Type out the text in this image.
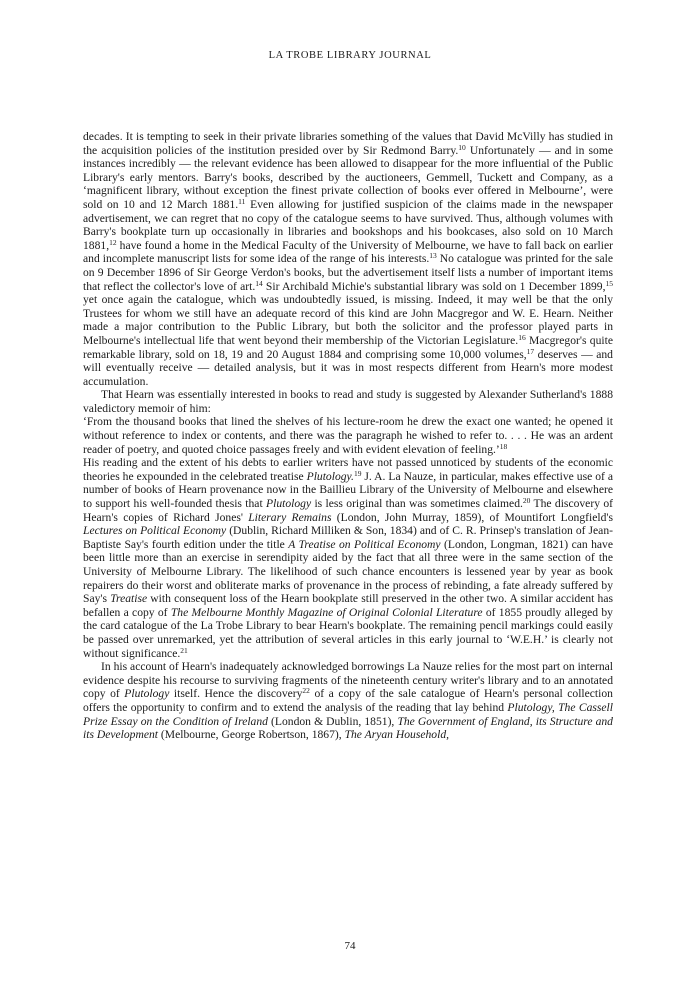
LA TROBE LIBRARY JOURNAL

decades. It is tempting to seek in their private libraries something of the values that David McVilly has studied in the acquisition policies of the institution presided over by Sir Redmond Barry.$^{10}$ Unfortunately — and in some instances incredibly — the relevant evidence has been allowed to disappear for the more influential of the Public Library's early mentors. Barry's books, described by the auctioneers, Gemmell, Tuckett and Company, as a ‘magnificent library, without exception the finest private collection of books ever offered in Melbourne’, were sold on 10 and 12 March 1881.11 Even allowing for justified suspicion of the claims made in the newspaper advertisement, we can regret that no copy of the catalogue seems to have survived. Thus, although volumes with Barry's bookplate turn up occasionally in libraries and bookshops and his bookcases, also sold on 10 March 1881,12 have found a home in the Medical Faculty of the University of Melbourne, we have to fall back on earlier and incomplete manuscript lists for some idea of the range of his interests.$^{13}$ No catalogue was printed for the sale on 9 December 1896 of Sir George Verdon's books, but the advertisement itself lists a number of important items that reflect the collector's love of art.$^{14}$ Sir Archibald Michie's substantial library was sold on 1 December 1899,15 yet once again the catalogue, which was undoubtedly issued, is missing. Indeed, it may well be that the only Trustees for whom we still have an adequate record of this kind are John Macgregor and W. E. Hearn. Neither made a major contribution to the Public Library, but both the solicitor and the professor played parts in Melbourne's intellectual life that went beyond their membership of the Victorian Legislature.$^{16}$ Macgregor's quite remarkable library, sold on 18, 19 and 20 August 1884 and comprising some 10,000 volumes,$^{17}$ deserves — and will eventually receive — detailed analysis, but it was in most respects different from Hearn's more modest accumulation.

That Hearn was essentially interested in books to read and study is suggested by Alexander Sutherland's 1888 valedictory memoir of him:

‘From the thousand books that lined the shelves of his lecture-room he drew the exact one wanted; he opened it without reference to index or contents, and there was the paragraph he wished to refer to. . . . He was an ardent reader of poetry, and quoted choice passages freely and with evident elevation of feeling.’$^{18}$

His reading and the extent of his debts to earlier writers have not passed unnoticed by students of the economic theories he expounded in the celebrated treatise Plutology.$^{19}$ J. A. La Nauze, in particular, makes effective use of a number of books of Hearn provenance now in the Baillieu Library of the University of Melbourne and elsewhere to support his well-founded thesis that Plutology is less original than was sometimes claimed.$^{20}$ The discovery of Hearn's copies of Richard Jones' Literary Remains (London, John Murray, 1859), of Mountifort Longfield's Lectures on Political Economy (Dublin, Richard Milliken & Son, 1834) and of C. R. Prinsep's translation of Jean-Baptiste Say's fourth edition under the title A Treatise on Political Economy (London, Longman, 1821) can have been little more than an exercise in serendipity aided by the fact that all three were in the same section of the University of Melbourne Library. The likelihood of such chance encounters is lessened year by year as book repairers do their worst and obliterate marks of provenance in the process of rebinding, a fate already suffered by Say's Treatise with consequent loss of the Hearn bookplate still preserved in the other two. A similar accident has befallen a copy of The Melbourne Monthly Magazine of Original Colonial Literature of 1855 proudly alleged by the card catalogue of the La Trobe Library to bear Hearn's bookplate. The remaining pencil markings could easily be passed over unremarked, yet the attribution of several articles in this early journal to ‘W.E.H.’ is clearly not without significance.$^{21}$

In his account of Hearn's inadequately acknowledged borrowings La Nauze relies for the most part on internal evidence despite his recourse to surviving fragments of the nineteenth century writer's library and to an annotated copy of Plutology itself. Hence the discovery$^{22}$ of a copy of the sale catalogue of Hearn's personal collection offers the opportunity to confirm and to extend the analysis of the reading that lay behind Plutology, The Cassell Prize Essay on the Condition of Ireland (London & Dublin, 1851), The Government of England, its Structure and its Development (Melbourne, George Robertson, 1867), The Aryan Household,

74
